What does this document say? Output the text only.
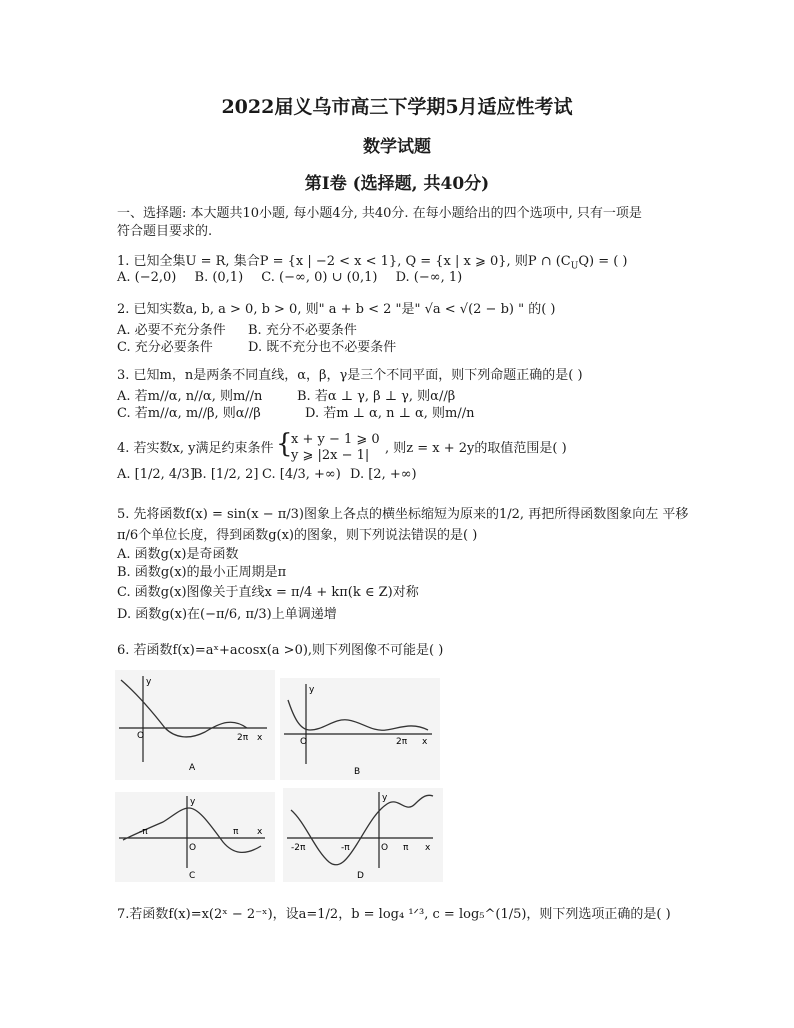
2022届义乌市高三下学期5月适应性考试
数学试题
第I卷 (选择题, 共40分)
一、选择题: 本大题共10小题, 每小题4分, 共40分. 在每小题给出的四个选项中, 只有一项是
符合题目要求的.
1. 已知全集U = R, 集合P = {x | −2 < x < 1}, Q = {x | x ⩾ 0}, 则P ∩ $(C_UQ)$ = ( )
A. (−2,0) B. (0,1) C. (−∞, 0) ∪ (0,1) D. (−∞, 1)
2. 已知实数a, b, a > 0, b > 0, 则" a + b < 2 "是" √a < √(2 − b) " 的( )
A. 必要不充分条件 B. 充分不必要条件
C. 充分必要条件	D. 既不充分也不必要条件
3. 已知m，n是两条不同直线，α，β，γ是三个不同平面，则下列命题正确的是( )
A. 若m//α, n//α, 则m//n	B. 若α ⊥ γ, β ⊥ γ, 则α//β
C. 若m//α, m//β, 则α//β	D. 若m ⊥ α, n ⊥ α, 则m//n
4. 若实数x, y满足约束条件 {
x + y − 1 ⩾ 0
y ⩾ |2x − 1| , 则z = x + 2y的取值范围是( )
A. [1/2, 4/3]
B. [1/2, 2] C. [4/3, +∞) D. [2, +∞)
5. 先将函数f(x) = sin(x − π/3)图象上各点的横坐标缩短为原来的1/2, 再把所得函数图象向左 平移
π/6个单位长度，得到函数g(x)的图象，则下列说法错误的是( )
A. 函数g(x)是奇函数
B. 函数g(x)的最小正周期是π
C. 函数g(x)图像关于直线x = π/4 + kπ(k ∈ Z)对称
D. 函数g(x)在(−π/6, π/3)上单调递增
6. 若函数f(x)=aˣ+acosx(a >0),则下列图像不可能是( )
y
O	2π x
A
y
O	2π x
B
y
O
-π	π x
C
y
O
-2π	-π	π x
D
7.若函数f(x)=x(2ˣ − 2⁻ˣ)，设a=1/2，b = log₄ ¹ᐟ³, c = log₅^(1/5)，则下列选项正确的是( )
